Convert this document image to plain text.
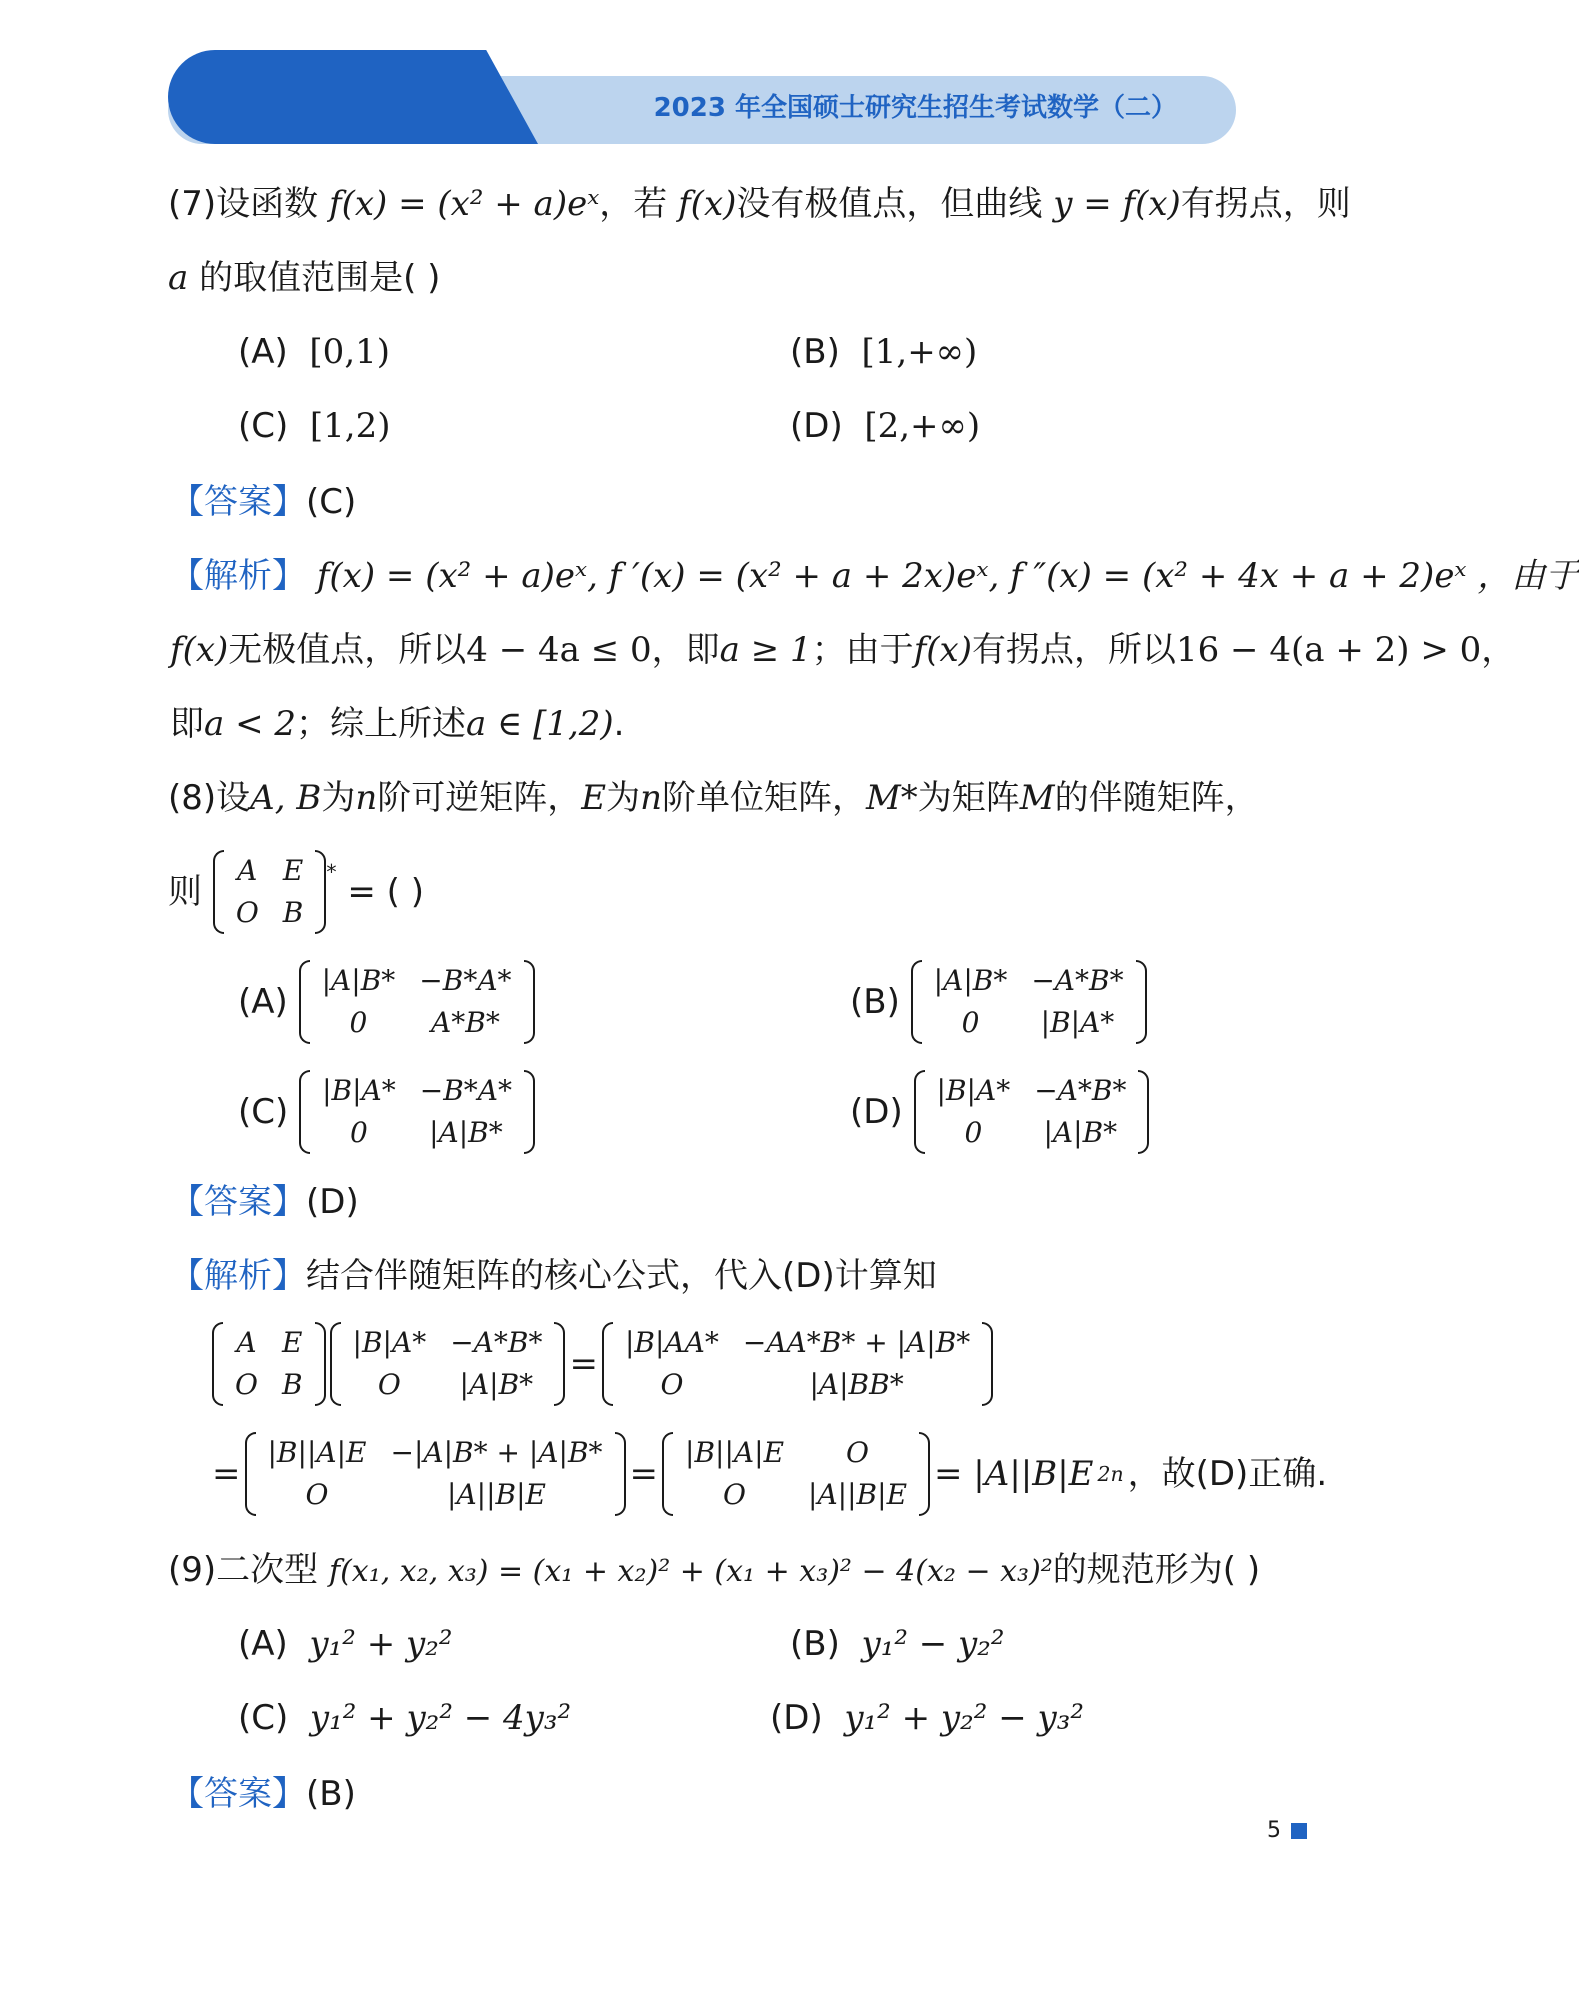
2023 年全国硕士研究生招生考试数学（二）
(7)设函数 f(x) = (x² + a)eˣ，若 f(x)没有极值点，但曲线 y = f(x)有拐点，则
a 的取值范围是( )
(A) [0,1)	(B) [1,+∞)
(C) [1,2)	(D) [2,+∞)
【答案】(C)
【解析】 f(x) = (x² + a)eˣ, f ′(x) = (x² + a + 2x)eˣ, f ″(x) = (x² + 4x + a + 2)eˣ ，由于
f(x)无极值点，所以4 − 4a ≤ 0，即a ≥ 1；由于f(x)有拐点，所以16 − 4(a + 2) > 0，
即a < 2；综上所述a ∈ [1,2).
(8)设A, B为n阶可逆矩阵，E为n阶单位矩阵，M*为矩阵M的伴随矩阵，
则

A	E
O	B
*
= ( )
(A)

|A|B*	−B*A*
0	A*B*
(B)

|A|B*	−A*B*
0	|B|A*
(C)

|B|A*	−B*A*
0	|A|B*
(D)

|B|A*	−A*B*
0	|A|B*
【答案】(D)
【解析】结合伴随矩阵的核心公式，代入(D)计算知
A	E
O	B
|B|A*	−A*B*
O	|A|B*
=
|B|AA*	−AA*B* + |A|B*
O	|A|BB*
=
|B||A|E	−|A|B* + |A|B*
O	|A||B|E
=
|B||A|E	O
O	|A||B|E
= |A||B|E 2n ，故(D)正确.
(9)二次型 f(x₁, x₂, x₃) = (x₁ + x₂)² + (x₁ + x₃)² − 4(x₂ − x₃)²的规范形为( )
(A) y₁² + y₂²	(B) y₁² − y₂²
(C) y₁² + y₂² − 4y₃²	(D) y₁² + y₂² − y₃²
【答案】(B)
5
